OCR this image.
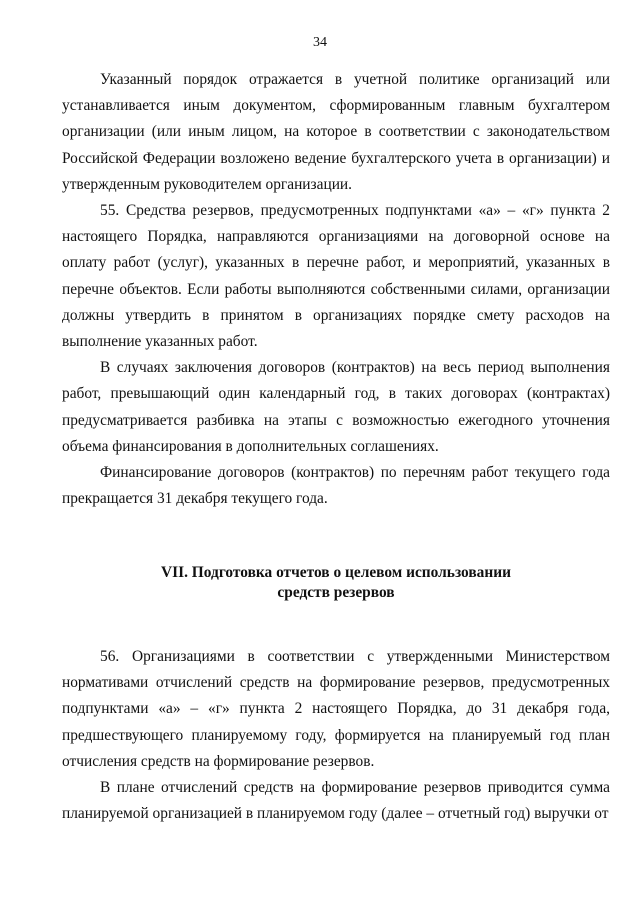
34

Указанный порядок отражается в учетной политике организаций или устанавливается иным документом, сформированным главным бухгалтером организации (или иным лицом, на которое в соответствии с законодательством Российской Федерации возложено ведение бухгалтерского учета в организации) и утвержденным руководителем организации.

55. Средства резервов, предусмотренных подпунктами «а» – «г» пункта 2 настоящего Порядка, направляются организациями на договорной основе на оплату работ (услуг), указанных в перечне работ, и мероприятий, указанных в перечне объектов. Если работы выполняются собственными силами, организации должны утвердить в принятом в организациях порядке смету расходов на выполнение указанных работ.

В случаях заключения договоров (контрактов) на весь период выполнения работ, превышающий один календарный год, в таких договорах (контрактах) предусматривается разбивка на этапы с возможностью ежегодного уточнения объема финансирования в дополнительных соглашениях.

Финансирование договоров (контрактов) по перечням работ текущего года прекращается 31 декабря текущего года.

VII. Подготовка отчетов о целевом использовании
средств резервов

56. Организациями в соответствии с утвержденными Министерством нормативами отчислений средств на формирование резервов, предусмотренных подпунктами «а» – «г» пункта 2 настоящего Порядка, до 31 декабря года, предшествующего планируемому году, формируется на планируемый год план отчисления средств на формирование резервов.

В плане отчислений средств на формирование резервов приводится сумма планируемой организацией в планируемом году (далее – отчетный год) выручки от
